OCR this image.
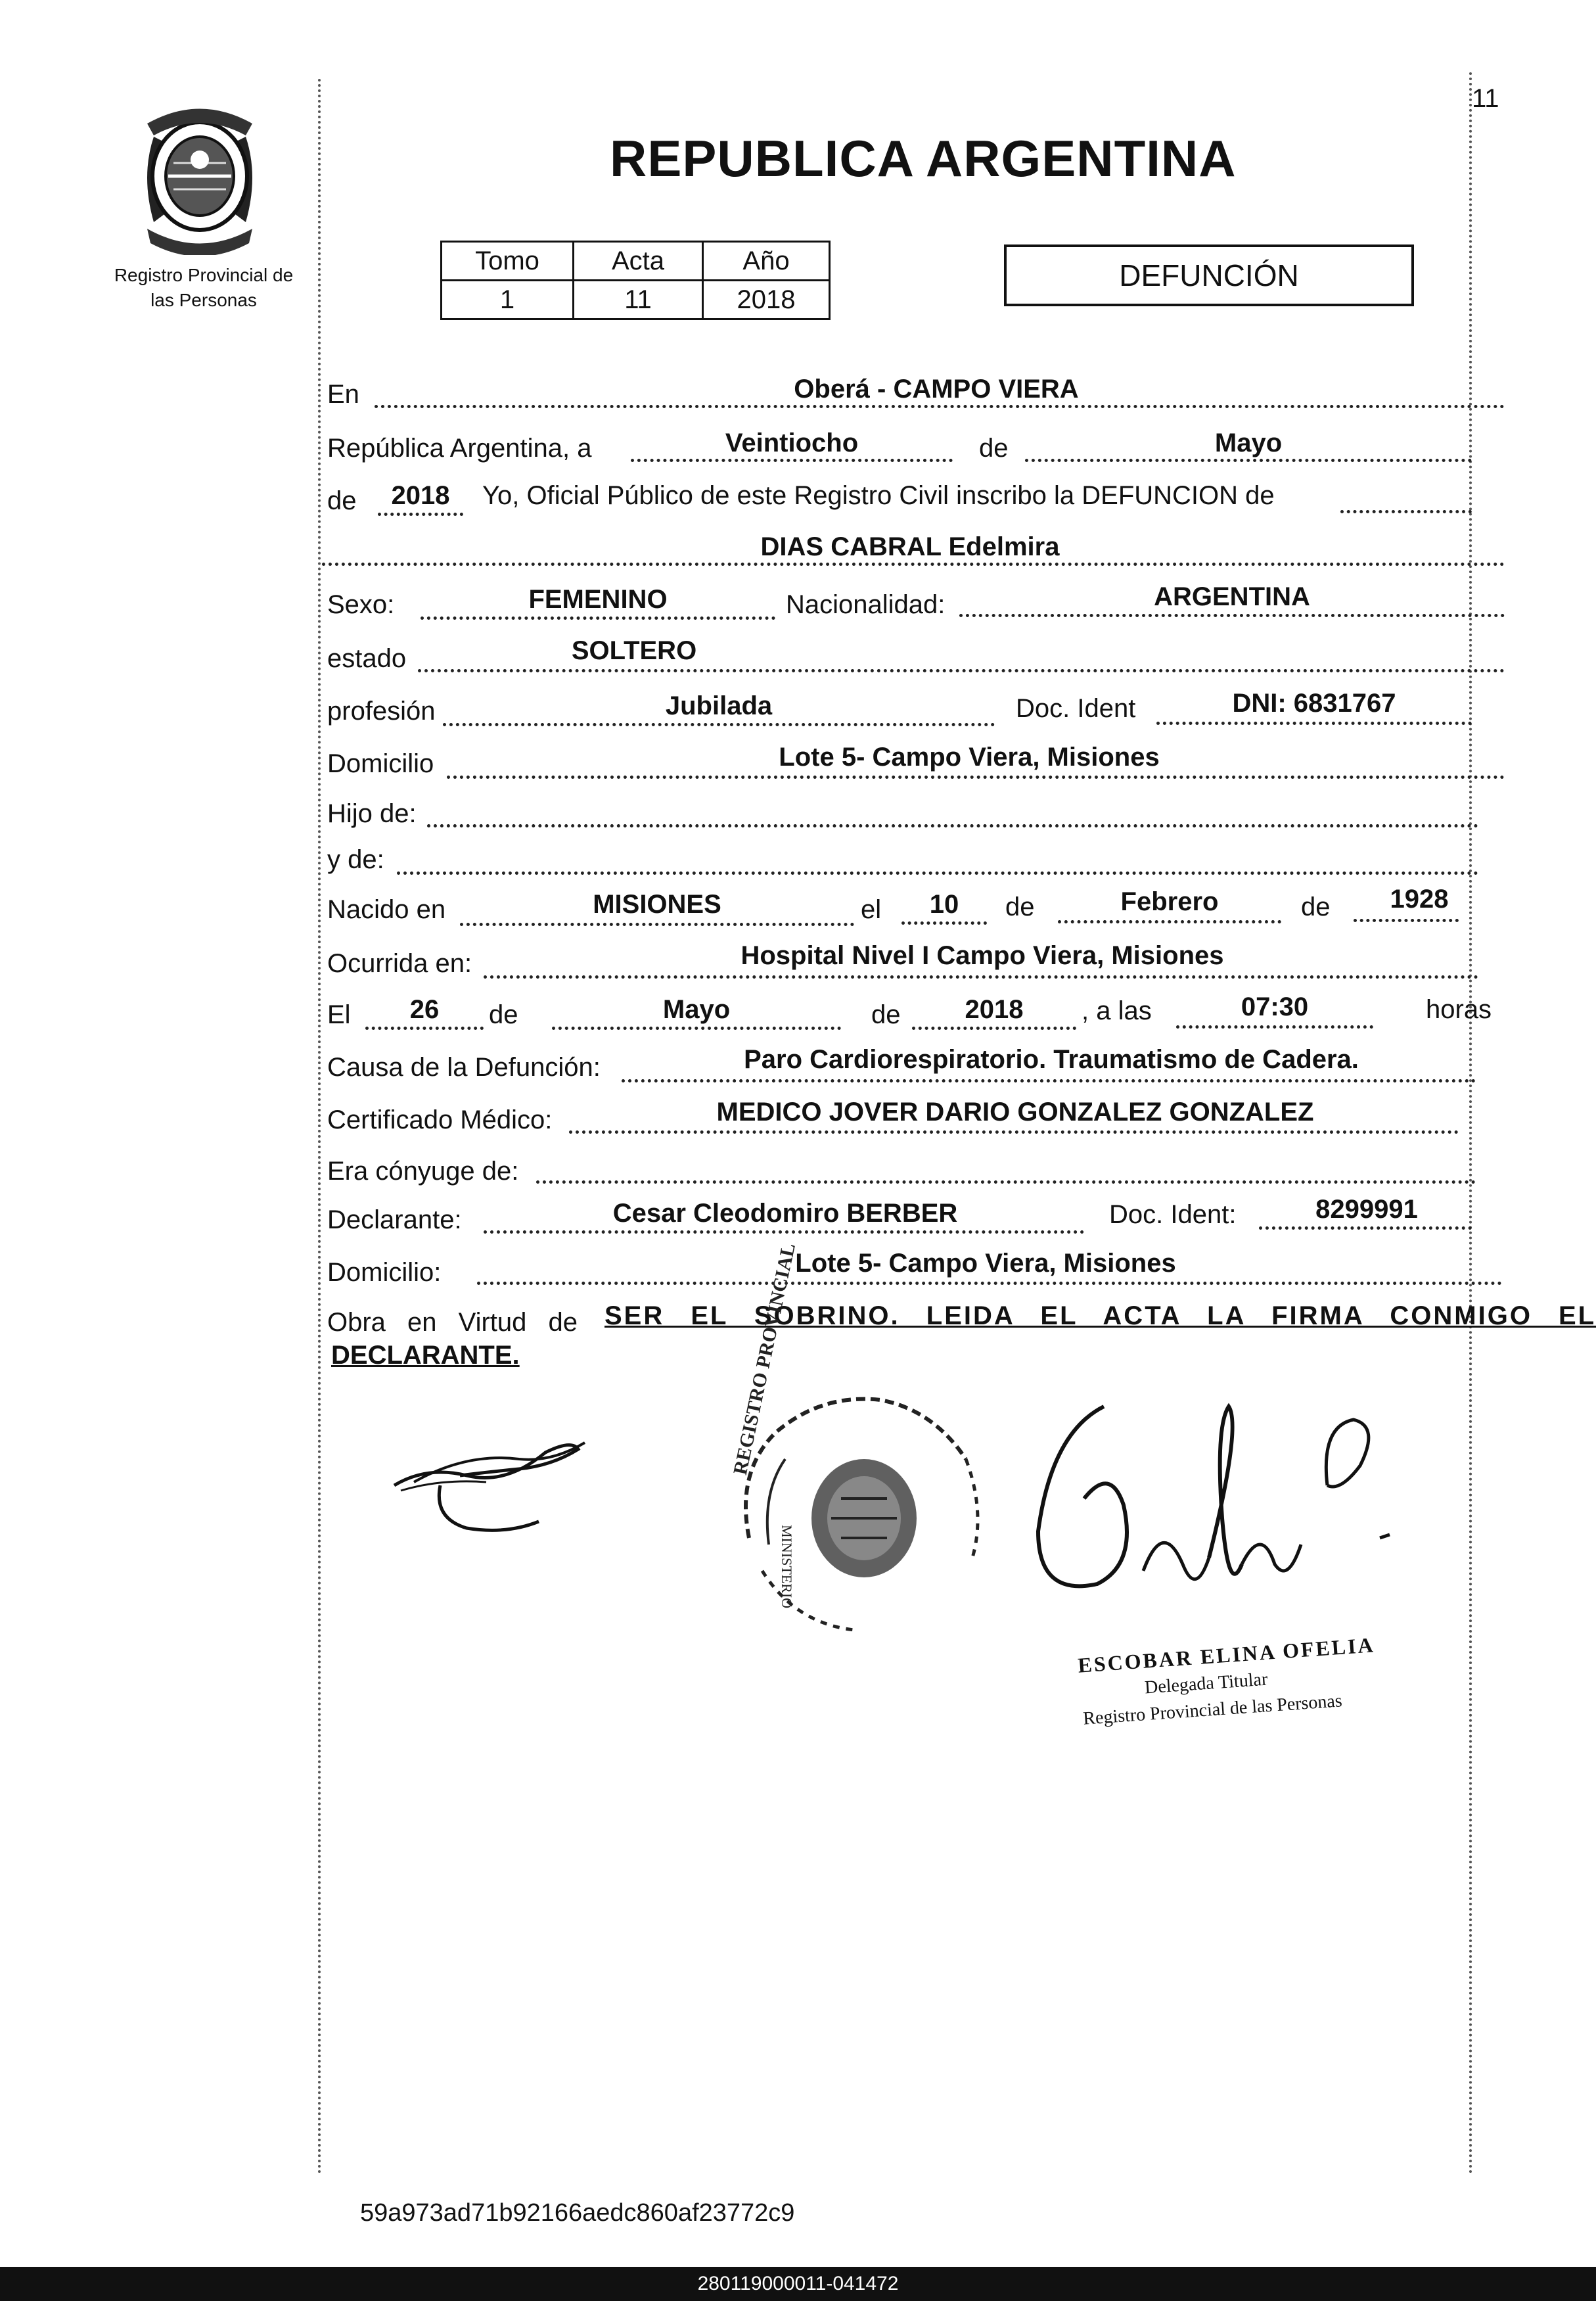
11
Registro Provincial de
las Personas
REPUBLICA ARGENTINA
Tomo	Acta	Año
1	11	2018
DEFUNCIÓN
En	Oberá - CAMPO VIERA
República Argentina, a	Veintiocho	de	Mayo
de	2018	Yo, Oficial Público de este Registro Civil inscribo la DEFUNCION de
DIAS CABRAL Edelmira
Sexo:	FEMENINO	Nacionalidad:	ARGENTINA
estado	SOLTERO
profesión	Jubilada	Doc. Ident	DNI: 6831767
Domicilio	Lote 5- Campo Viera, Misiones
Hijo de:
y de:
Nacido en	MISIONES	el	10	de	Febrero	de	1928
Ocurrida en:	Hospital Nivel I Campo Viera, Misiones
El	26	de	Mayo	de	2018	, a las	07:30	horas
Causa de la Defunción:	Paro Cardiorespiratorio. Traumatismo de Cadera.
Certificado Médico:	MEDICO JOVER DARIO GONZALEZ GONZALEZ
Era cónyuge de:
Declarante:	Cesar Cleodomiro BERBER	Doc. Ident:	8299991
Domicilio:	Lote 5- Campo Viera, Misiones
Obra en Virtud de SER EL SOBRINO. LEIDA EL ACTA LA FIRMA CONMIGO EL
DECLARANTE.	REGISTRO PROVINCIAL
MINISTERIO
ESCOBAR ELINA OFELIA
Delegada Titular
Registro Provincial de las Personas
59a973ad71b92166aedc860af23772c9
280119000011-041472
